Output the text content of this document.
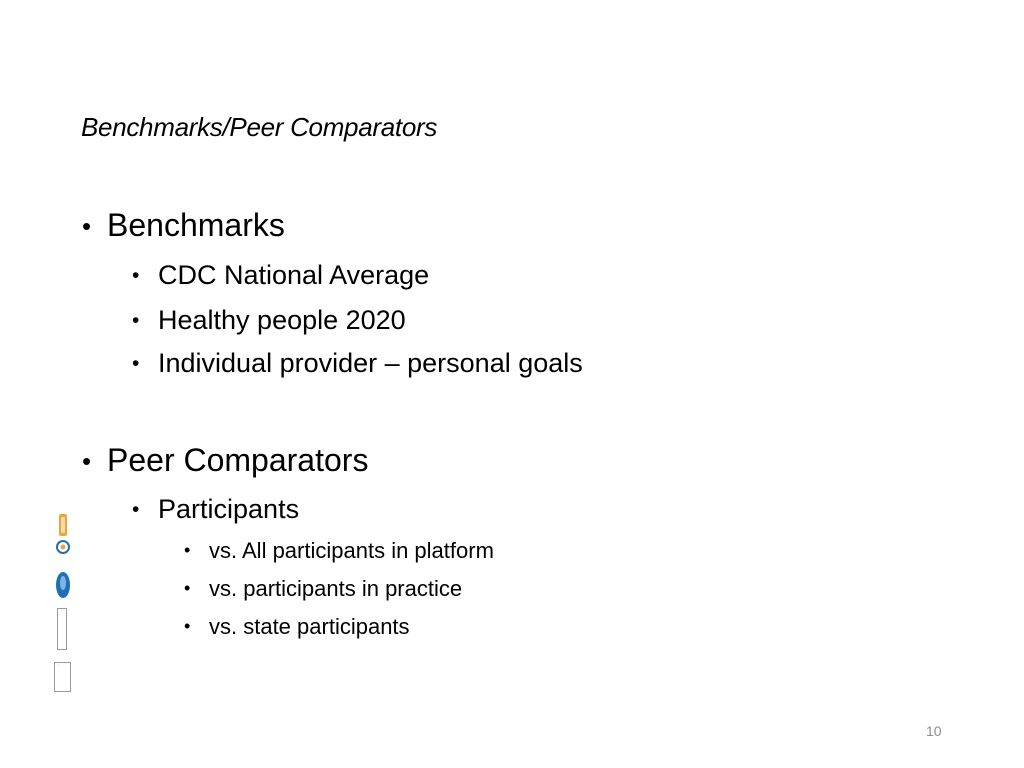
Benchmarks/Peer Comparators
• Benchmarks
• CDC National Average
• Healthy people 2020
• Individual provider – personal goals
• Peer Comparators
• Participants
• vs. All participants in platform
• vs. participants in practice
• vs. state participants
▪
▪
10
